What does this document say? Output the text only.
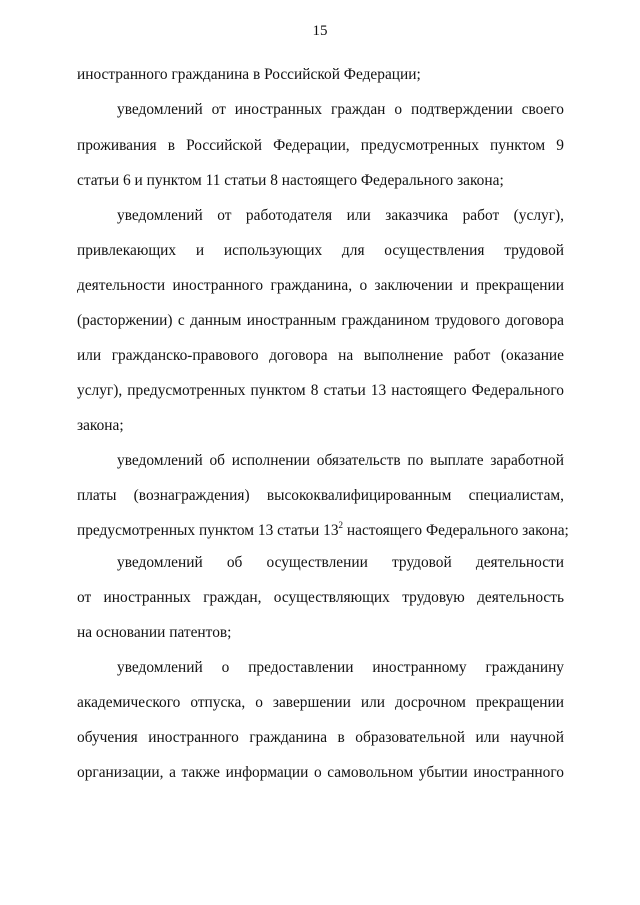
15
иностранного гражданина в Российской Федерации;
уведомлений от иностранных граждан о подтверждении своего
проживания в Российской Федерации, предусмотренных пунктом 9
статьи 6 и пунктом 11 статьи 8 настоящего Федерального закона;
уведомлений от работодателя или заказчика работ (услуг),
привлекающих и использующих для осуществления трудовой
деятельности иностранного гражданина, о заключении и прекращении
(расторжении) с данным иностранным гражданином трудового договора
или гражданско-правового договора на выполнение работ (оказание
услуг), предусмотренных пунктом 8 статьи 13 настоящего Федерального
закона;
уведомлений об исполнении обязательств по выплате заработной
платы (вознаграждения) высококвалифицированным специалистам,
предусмотренных пунктом 13 статьи $13^2$ настоящего Федерального закона;
уведомлений об осуществлении трудовой деятельности
от иностранных граждан, осуществляющих трудовую деятельность
на основании патентов;
уведомлений о предоставлении иностранному гражданину
академического отпуска, о завершении или досрочном прекращении
обучения иностранного гражданина в образовательной или научной
организации, а также информации о самовольном убытии иностранного
